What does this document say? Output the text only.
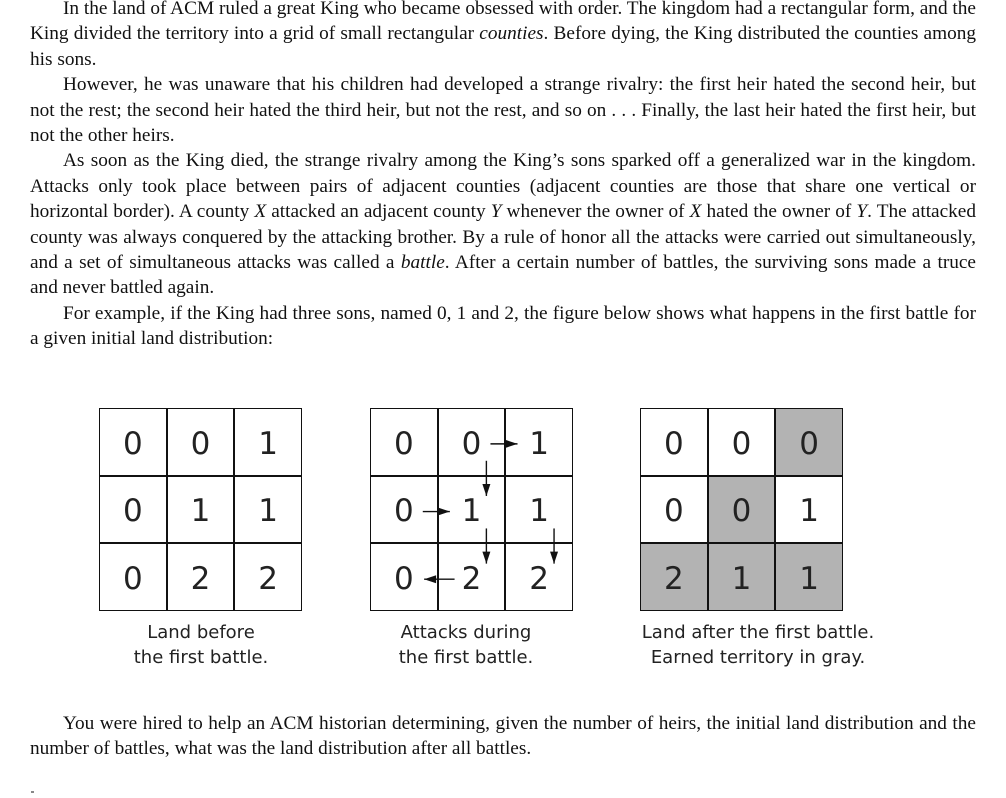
In the land of ACM ruled a great King who became obsessed with order. The kingdom had a rectangular form, and the King divided the territory into a grid of small rectangular counties. Before dying, the King distributed the counties among his sons.

However, he was unaware that his children had developed a strange rivalry: the first heir hated the second heir, but not the rest; the second heir hated the third heir, but not the rest, and so on . . . Finally, the last heir hated the first heir, but not the other heirs.

As soon as the King died, the strange rivalry among the King’s sons sparked off a generalized war in the kingdom. Attacks only took place between pairs of adjacent counties (adjacent counties are those that share one vertical or horizontal border). A county X attacked an adjacent county Y whenever the owner of X hated the owner of Y. The attacked county was always conquered by the attacking brother. By a rule of honor all the attacks were carried out simultaneously, and a set of simultaneous attacks was called a battle. After a certain number of battles, the surviving sons made a truce and never battled again.

For example, if the King had three sons, named 0, 1 and 2, the figure below shows what happens in the first battle for a given initial land distribution:

0	0	1
0	1	1
0	2	2
0	0	1
0	1	1
0	2	2
0	0	0
0	0	1
2	1	1
Land before
the first battle.
Attacks during
the first battle.
Land after the first battle.
Earned territory in gray.

You were hired to help an ACM historian determining, given the number of heirs, the initial land distribution and the number of battles, what was the land distribution after all battles.
